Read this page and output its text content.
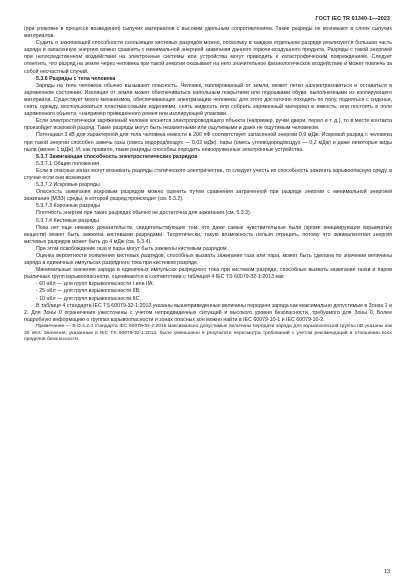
ГОСТ IEC TR 61340-1—2023

(при упаковке в процессе возведения) сыпучих материалов с высоким удельным сопротивлением. Такие разряды не возникают в слоях сыпучих материалов.

Судить о зажигающей способности скользящих кистевых разрядов можно, поскольку в каждом отдельном разряде реализуется большая часть заряда и запасенную энергию можно сравнить с минимальной энергией зажигания данного горюче-воздушного продукта. Разряды с такой энергией при непосредственном воздействии на электронные системы или устройства могут приводить к катастрофическим повреждениям. Следует отметить, что разряд на земле через человека при такой энергии оказывает на него значительное физиологическое воздействие и может повлечь за собой несчастный случай.

5.3.6 Разряды с тела человека

Заряды на теле человека обычно вызывают опасность. Человек, изолированный от земли, может легко наэлектризоваться и оставаться в заряженном состоянии. Изоляция от земли может обеспечиваться напольным покрытием или подошвами обуви, выполненными из изолирующего материала. Существует много механизмов, обеспечивающих электризацию человека: для этого достаточно походить по полу, подняться с сиденья, снять одежду, воспользоваться пластмассовыми изделиями, снять жидкость или собрать заряженный материал в емкость, или постоять в поле заряженного объекта, «например приведенного ремня или изолирующей упаковки.

Если электростатически заряженный человек коснется электропроводящего объекта (например, ручки двери, перил и т. д.), то в месте контакта произойдет искровой разряд. Такие разряды могут быть незаметными или ощутимыми и даже не ощутимым человеком.

Потенциал 3 кВ для характерной для тела человека емкости в 200 пФ соответствует запасенной энергии 0,9 мДж. Искровой разряд с человека при такой энергии способен зажечь газы (смесь водород/воздух — 0,02 мДж), пары (смесь углеводород/воздух — 0,2 мДж) и даже некоторые виды пыли (менее 1 мДж). И, как правило, такие разряды способны породить невооруженные электронные устройства.

5.3.7 Зажигающая способность электростатических разрядов

5.3.7.1 Общие положения

Если в опасных зонах могут возникать разряды статического электричества, то следует учесть их способность зажигать взрывоопасную среду, в случае если они возникают.

5.3.7.2 Искровые разряды

Опасность зажигания искровым разрядом можно оценить путем сравнения затраченной при разряде энергии с минимальной энергией зажигания (МЭЗ) среды, в которой разряд происходит (см. 5.3.2).

5.3.7.3 Коронные разряды

Плотность энергии при таких разрядах обычно не достаточна для зажигания (см. 5.3.3).

5.3.7.4 Кистевые разряды

Пока нет еще никаких доказательств, свидетельствующих том, что даже самые чувствительные пыли (кроме инициирующих взрывчатых веществ) может быть зажжена кистевыми разрядами. Теоретически, такую возможность нельзя отрицать, потому что эквивалентная энергия кистевых разрядов может быть до 4 мДж (см. 5.3.4).

При этом освобождение газа и пары могут быть зажжены кистевым разрядом.

Оценка вероятности появления кистевых разрядов, способных вызвать зажигание газа или пара, может быть сделана по значении величины заряда в единичных импульсах разрядного тока при кистевом разряде.

Минимальные значения заряда в единичных импульсах разрядного тока при кистевом разряде, способных вызвать зажигание газов и паров различных групп взрывоопасности, оцениваются в соответствии с таблицей 4 IEC TS 60079-32-1:2013 как:

- 60 нКл — для групп взрывоопасности I или IIA;

- 25 нКл — для групп взрывоопасности IIB;

- 10 нКл — для групп взрывоопасности IIC.

В таблице 4 стандарта IEC TS 60079-32-1:2013 указаны вышеприведенные величины передачи заряда как максимально допустимые в Зонах 1 и 2. Для Зоны 0 ограничения ужесточены с учетом непредвиденных ситуаций и высокого уровня безопасности, требуемого для Зоны 0. Более подробную информацию о группах взрывоопасности и зонах опасных зон можно найти в IEC 60079-10-1 и IEC 60079-10-2.

Примечание — В D.4.2.4 стандарта IEC 60079-32-2:2015 максимально допустимые величины передачи заряда для взрывоопасной группы IIB указаны как 30 нКл. Значения, указанные в IEC TS 60079-32-1:2013, было уменьшено в результате пересмотра требований с учетом рекомендаций в отношении всех пределов безопасности.

13
